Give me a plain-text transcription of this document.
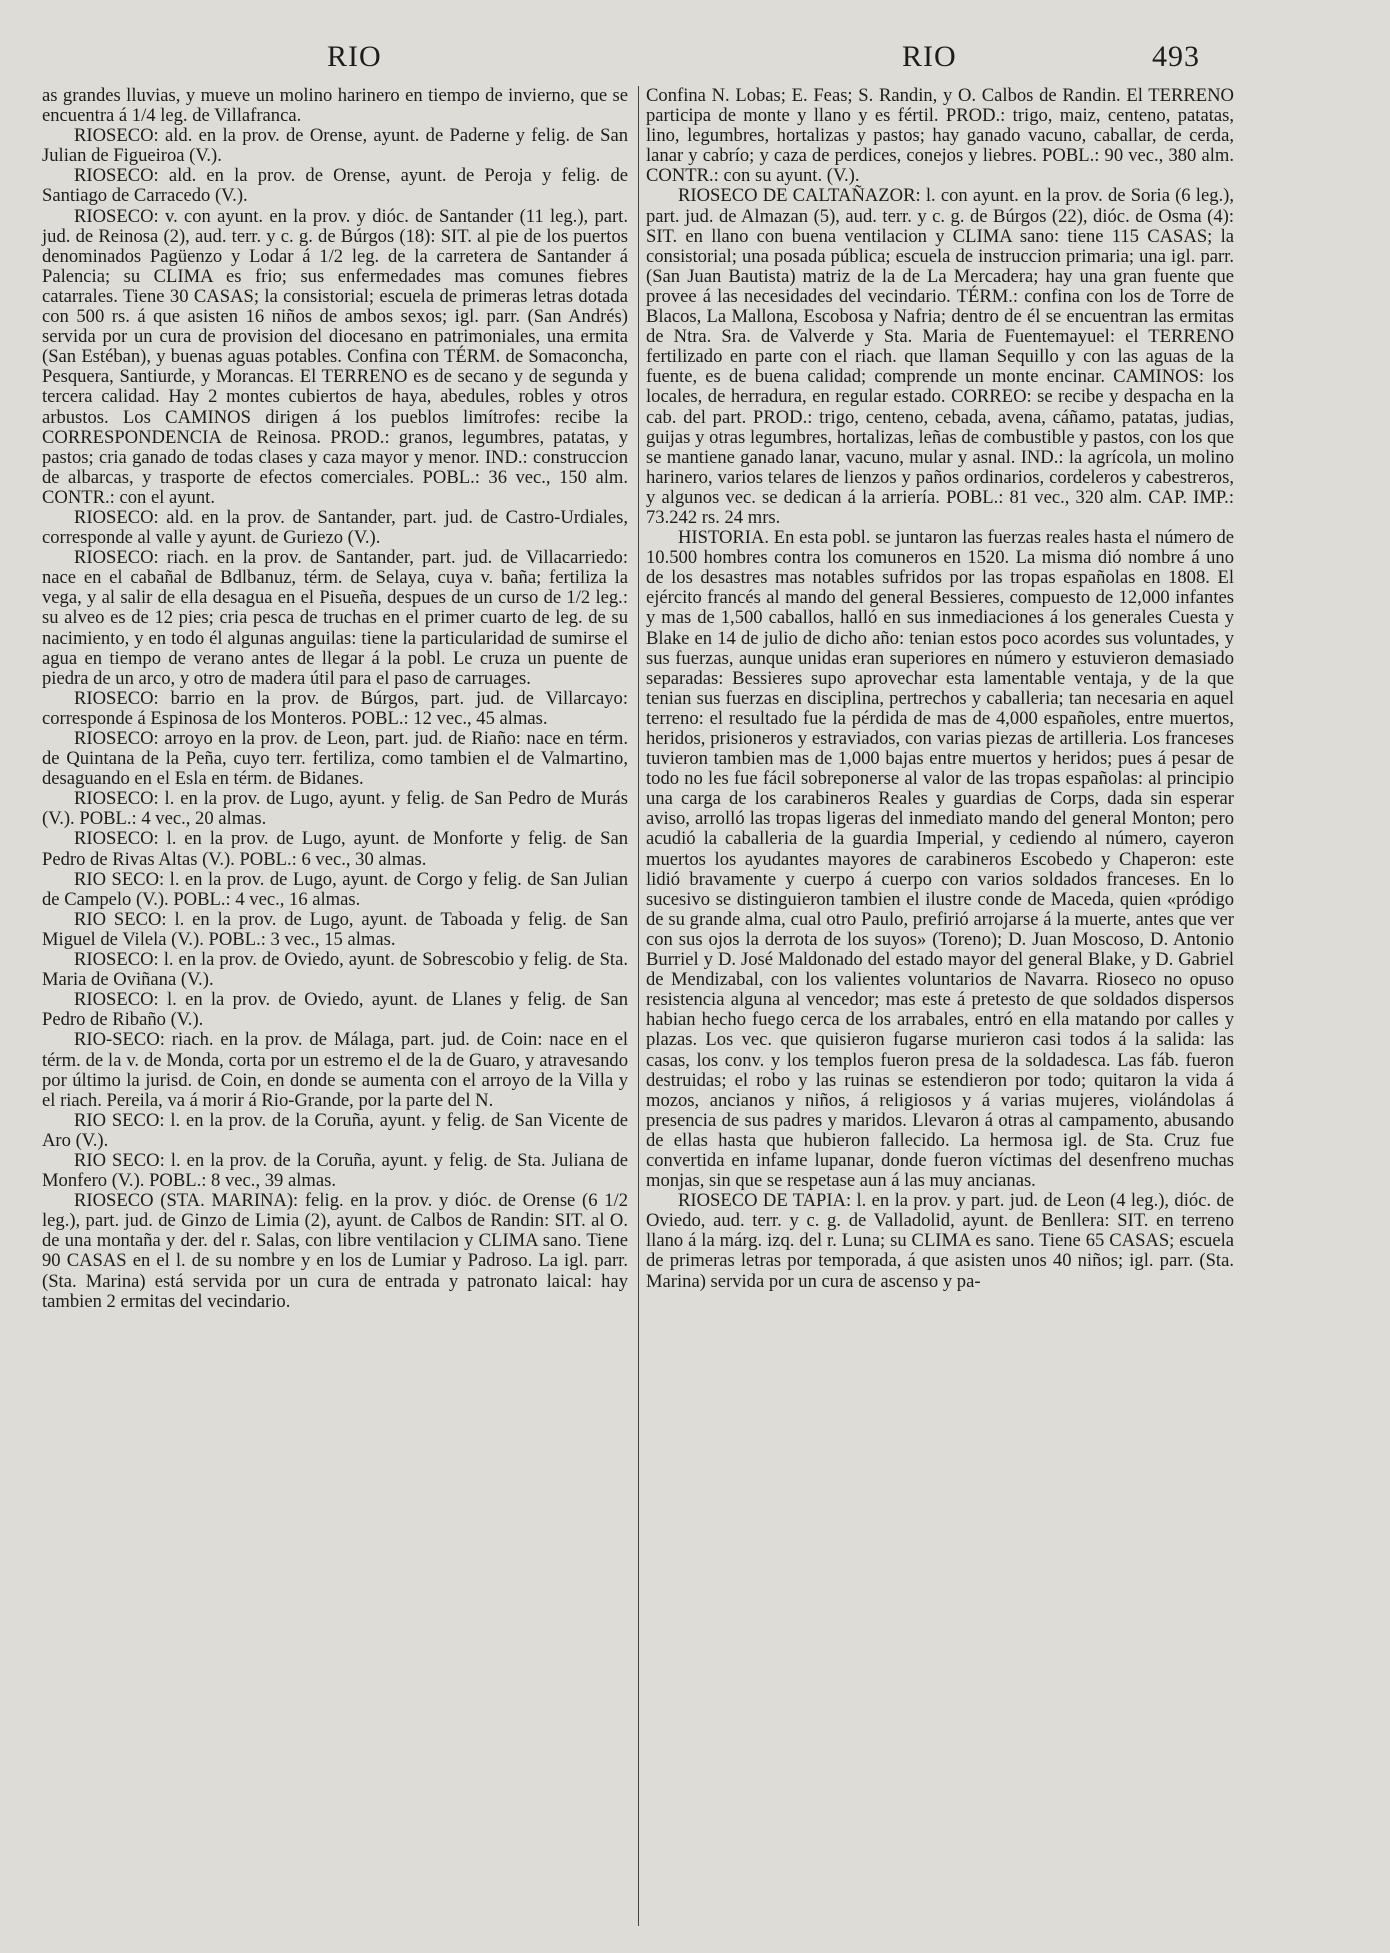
RIO	RIO	493

as grandes lluvias, y mueve un molino harinero en tiempo de invierno, que se encuentra á 1/4 leg. de Villafranca.

RIOSECO: ald. en la prov. de Orense, ayunt. de Paderne y felig. de San Julian de Figueiroa (V.).

RIOSECO: ald. en la prov. de Orense, ayunt. de Peroja y felig. de Santiago de Carracedo (V.).

RIOSECO: v. con ayunt. en la prov. y dióc. de Santander (11 leg.), part. jud. de Reinosa (2), aud. terr. y c. g. de Búrgos (18): SIT. al pie de los puertos denominados Pagüenzo y Lodar á 1/2 leg. de la carretera de Santander á Palencia; su CLIMA es frio; sus enfermedades mas comunes fiebres catarrales. Tiene 30 CASAS; la consistorial; escuela de primeras letras dotada con 500 rs. á que asisten 16 niños de ambos sexos; igl. parr. (San Andrés) servida por un cura de provision del diocesano en patrimoniales, una ermita (San Estéban), y buenas aguas potables. Confina con TÉRM. de Somaconcha, Pesquera, Santiurde, y Morancas. El TERRENO es de secano y de segunda y tercera calidad. Hay 2 montes cubiertos de haya, abedules, robles y otros arbustos. Los CAMINOS dirigen á los pueblos limítrofes: recibe la CORRESPONDENCIA de Reinosa. PROD.: granos, legumbres, patatas, y pastos; cria ganado de todas clases y caza mayor y menor. IND.: construccion de albarcas, y trasporte de efectos comerciales. POBL.: 36 vec., 150 alm. CONTR.: con el ayunt.

RIOSECO: ald. en la prov. de Santander, part. jud. de Castro-Urdiales, corresponde al valle y ayunt. de Guriezo (V.).

RIOSECO: riach. en la prov. de Santander, part. jud. de Villacarriedo: nace en el cabañal de Bdlbanuz, térm. de Selaya, cuya v. baña; fertiliza la vega, y al salir de ella desagua en el Pisueña, despues de un curso de 1/2 leg.: su alveo es de 12 pies; cria pesca de truchas en el primer cuarto de leg. de su nacimiento, y en todo él algunas anguilas: tiene la particularidad de sumirse el agua en tiempo de verano antes de llegar á la pobl. Le cruza un puente de piedra de un arco, y otro de madera útil para el paso de carruages.

RIOSECO: barrio en la prov. de Búrgos, part. jud. de Villarcayo: corresponde á Espinosa de los Monteros. POBL.: 12 vec., 45 almas.

RIOSECO: arroyo en la prov. de Leon, part. jud. de Riaño: nace en térm. de Quintana de la Peña, cuyo terr. fertiliza, como tambien el de Valmartino, desaguando en el Esla en térm. de Bidanes.

RIOSECO: l. en la prov. de Lugo, ayunt. y felig. de San Pedro de Murás (V.). POBL.: 4 vec., 20 almas.

RIOSECO: l. en la prov. de Lugo, ayunt. de Monforte y felig. de San Pedro de Rivas Altas (V.). POBL.: 6 vec., 30 almas.

RIO SECO: l. en la prov. de Lugo, ayunt. de Corgo y felig. de San Julian de Campelo (V.). POBL.: 4 vec., 16 almas.

RIO SECO: l. en la prov. de Lugo, ayunt. de Taboada y felig. de San Miguel de Vilela (V.). POBL.: 3 vec., 15 almas.

RIOSECO: l. en la prov. de Oviedo, ayunt. de Sobrescobio y felig. de Sta. Maria de Oviñana (V.).

RIOSECO: l. en la prov. de Oviedo, ayunt. de Llanes y felig. de San Pedro de Ribaño (V.).

RIO-SECO: riach. en la prov. de Málaga, part. jud. de Coin: nace en el térm. de la v. de Monda, corta por un estremo el de la de Guaro, y atravesando por último la jurisd. de Coin, en donde se aumenta con el arroyo de la Villa y el riach. Pereila, va á morir á Rio-Grande, por la parte del N.

RIO SECO: l. en la prov. de la Coruña, ayunt. y felig. de San Vicente de Aro (V.).

RIO SECO: l. en la prov. de la Coruña, ayunt. y felig. de Sta. Juliana de Monfero (V.). POBL.: 8 vec., 39 almas.

RIOSECO (STA. MARINA): felig. en la prov. y dióc. de Orense (6 1/2 leg.), part. jud. de Ginzo de Limia (2), ayunt. de Calbos de Randin: SIT. al O. de una montaña y der. del r. Salas, con libre ventilacion y CLIMA sano. Tiene 90 CASAS en el l. de su nombre y en los de Lumiar y Padroso. La igl. parr. (Sta. Marina) está servida por un cura de entrada y patronato laical: hay tambien 2 ermitas del vecindario.

Confina N. Lobas; E. Feas; S. Randin, y O. Calbos de Randin. El TERRENO participa de monte y llano y es fértil. PROD.: trigo, maiz, centeno, patatas, lino, legumbres, hortalizas y pastos; hay ganado vacuno, caballar, de cerda, lanar y cabrío; y caza de perdices, conejos y liebres. POBL.: 90 vec., 380 alm. CONTR.: con su ayunt. (V.).

RIOSECO DE CALTAÑAZOR: l. con ayunt. en la prov. de Soria (6 leg.), part. jud. de Almazan (5), aud. terr. y c. g. de Búrgos (22), dióc. de Osma (4): SIT. en llano con buena ventilacion y CLIMA sano: tiene 115 CASAS; la consistorial; una posada pública; escuela de instruccion primaria; una igl. parr. (San Juan Bautista) matriz de la de La Mercadera; hay una gran fuente que provee á las necesidades del vecindario. TÉRM.: confina con los de Torre de Blacos, La Mallona, Escobosa y Nafria; dentro de él se encuentran las ermitas de Ntra. Sra. de Valverde y Sta. Maria de Fuentemayuel: el TERRENO fertilizado en parte con el riach. que llaman Sequillo y con las aguas de la fuente, es de buena calidad; comprende un monte encinar. CAMINOS: los locales, de herradura, en regular estado. CORREO: se recibe y despacha en la cab. del part. PROD.: trigo, centeno, cebada, avena, cáñamo, patatas, judias, guijas y otras legumbres, hortalizas, leñas de combustible y pastos, con los que se mantiene ganado lanar, vacuno, mular y asnal. IND.: la agrícola, un molino harinero, varios telares de lienzos y paños ordinarios, cordeleros y cabestreros, y algunos vec. se dedican á la arriería. POBL.: 81 vec., 320 alm. CAP. IMP.: 73.242 rs. 24 mrs.

HISTORIA. En esta pobl. se juntaron las fuerzas reales hasta el número de 10.500 hombres contra los comuneros en 1520. La misma dió nombre á uno de los desastres mas notables sufridos por las tropas españolas en 1808. El ejército francés al mando del general Bessieres, compuesto de 12,000 infantes y mas de 1,500 caballos, halló en sus inmediaciones á los generales Cuesta y Blake en 14 de julio de dicho año: tenian estos poco acordes sus voluntades, y sus fuerzas, aunque unidas eran superiores en número y estuvieron demasiado separadas: Bessieres supo aprovechar esta lamentable ventaja, y de la que tenian sus fuerzas en disciplina, pertrechos y caballeria; tan necesaria en aquel terreno: el resultado fue la pérdida de mas de 4,000 españoles, entre muertos, heridos, prisioneros y estraviados, con varias piezas de artilleria. Los franceses tuvieron tambien mas de 1,000 bajas entre muertos y heridos; pues á pesar de todo no les fue fácil sobreponerse al valor de las tropas españolas: al principio una carga de los carabineros Reales y guardias de Corps, dada sin esperar aviso, arrolló las tropas ligeras del inmediato mando del general Monton; pero acudió la caballeria de la guardia Imperial, y cediendo al número, cayeron muertos los ayudantes mayores de carabineros Escobedo y Chaperon: este lidió bravamente y cuerpo á cuerpo con varios soldados franceses. En lo sucesivo se distinguieron tambien el ilustre conde de Maceda, quien «pródigo de su grande alma, cual otro Paulo, prefirió arrojarse á la muerte, antes que ver con sus ojos la derrota de los suyos» (Toreno); D. Juan Moscoso, D. Antonio Burriel y D. José Maldonado del estado mayor del general Blake, y D. Gabriel de Mendizabal, con los valientes voluntarios de Navarra. Rioseco no opuso resistencia alguna al vencedor; mas este á pretesto de que soldados dispersos habian hecho fuego cerca de los arrabales, entró en ella matando por calles y plazas. Los vec. que quisieron fugarse murieron casi todos á la salida: las casas, los conv. y los templos fueron presa de la soldadesca. Las fáb. fueron destruidas; el robo y las ruinas se estendieron por todo; quitaron la vida á mozos, ancianos y niños, á religiosos y á varias mujeres, violándolas á presencia de sus padres y maridos. Llevaron á otras al campamento, abusando de ellas hasta que hubieron fallecido. La hermosa igl. de Sta. Cruz fue convertida en infame lupanar, donde fueron víctimas del desenfreno muchas monjas, sin que se respetase aun á las muy ancianas.

RIOSECO DE TAPIA: l. en la prov. y part. jud. de Leon (4 leg.), dióc. de Oviedo, aud. terr. y c. g. de Valladolid, ayunt. de Benllera: SIT. en terreno llano á la márg. izq. del r. Luna; su CLIMA es sano. Tiene 65 CASAS; escuela de primeras letras por temporada, á que asisten unos 40 niños; igl. parr. (Sta. Marina) servida por un cura de ascenso y pa-
